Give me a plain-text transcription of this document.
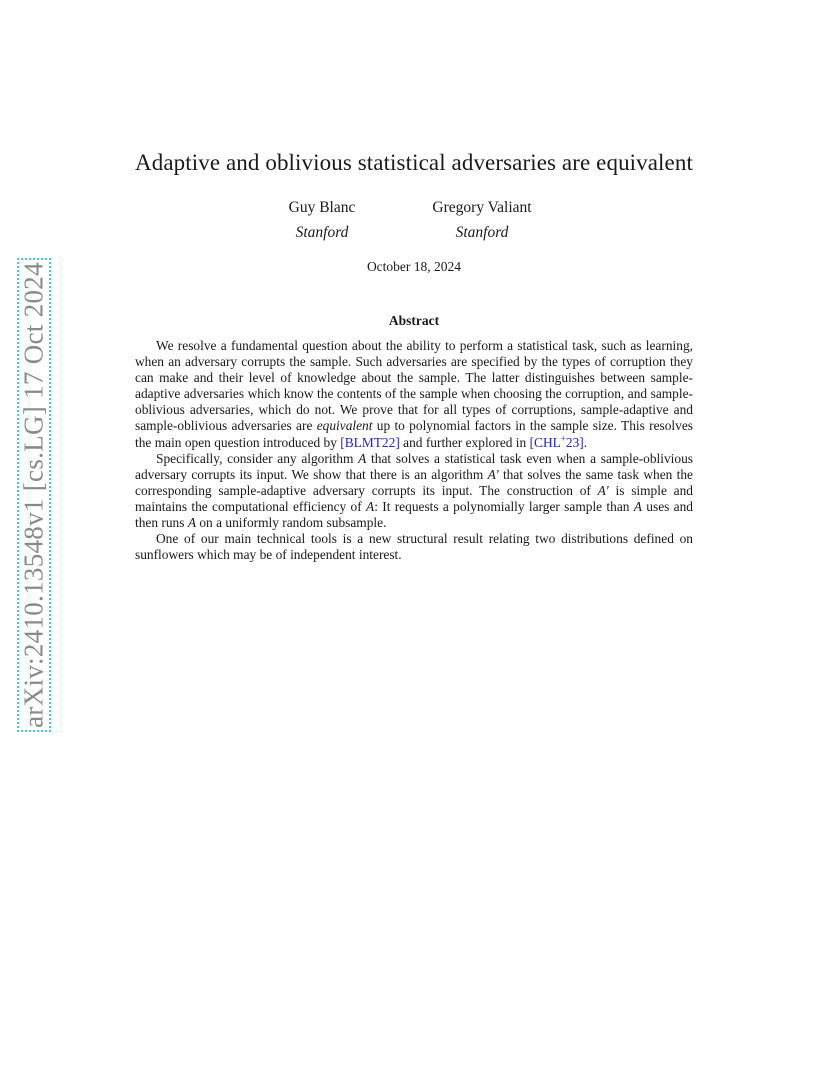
arXiv:2410.13548v1 [cs.LG] 17 Oct 2024
Adaptive and oblivious statistical adversaries are equivalent
Guy Blanc
Stanford
Gregory Valiant
Stanford
October 18, 2024
Abstract

We resolve a fundamental question about the ability to perform a statistical task, such as learning, when an adversary corrupts the sample. Such adversaries are specified by the types of corruption they can make and their level of knowledge about the sample. The latter distinguishes between sample-adaptive adversaries which know the contents of the sample when choosing the corruption, and sample-oblivious adversaries, which do not. We prove that for all types of corruptions, sample-adaptive and sample-oblivious adversaries are equivalent up to polynomial factors in the sample size. This resolves the main open question introduced by [BLMT22] and further explored in [CHL+23].

Specifically, consider any algorithm A that solves a statistical task even when a sample-oblivious adversary corrupts its input. We show that there is an algorithm A′ that solves the same task when the corresponding sample-adaptive adversary corrupts its input. The construction of A′ is simple and maintains the computational efficiency of A: It requests a polynomially larger sample than A uses and then runs A on a uniformly random subsample.

One of our main technical tools is a new structural result relating two distributions defined on sunflowers which may be of independent interest.
